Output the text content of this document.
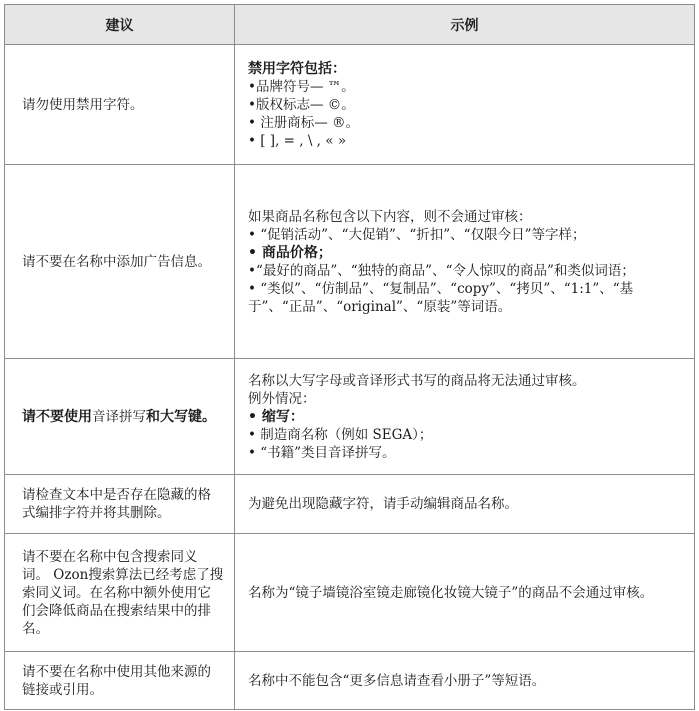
建议	示例
请勿使用禁用字符。	禁用字符包括：
•品牌符号— ™。
•版权标志— ©。
• 注册商标— ®。
• [ ], = , \ , « »

请不要在名称中添加广告信息。	如果商品名称包含以下内容，则不会通过审核：
• “促销活动”、“大促销”、“折扣”、“仅限今日”等字样；
• 商品价格；
•“最好的商品”、“独特的商品”、“令人惊叹的商品”和类似词语；
• “类似”、“仿制品”、“复制品”、“copy”、“拷贝”、“1:1”、“基于”、“正品”、“original”、“原装”等词语。

请不要使用音译拼写和大写键。	名称以大写字母或音译形式书写的商品将无法通过审核。
例外情况：
• 缩写：
• 制造商名称（例如 SEGA）；
• “书籍”类目音译拼写。

请检查文本中是否存在隐藏的格式编排字符并将其删除。	为避免出现隐藏字符，请手动编辑商品名称。
请不要在名称中包含搜索同义词。 Ozon搜索算法已经考虑了搜索同义词。在名称中额外使用它们会降低商品在搜索结果中的排名。	名称为“镜子墙镜浴室镜走廊镜化妆镜大镜子”的商品不会通过审核。
请不要在名称中使用其他来源的链接或引用。	名称中不能包含“更多信息请查看小册子”等短语。
